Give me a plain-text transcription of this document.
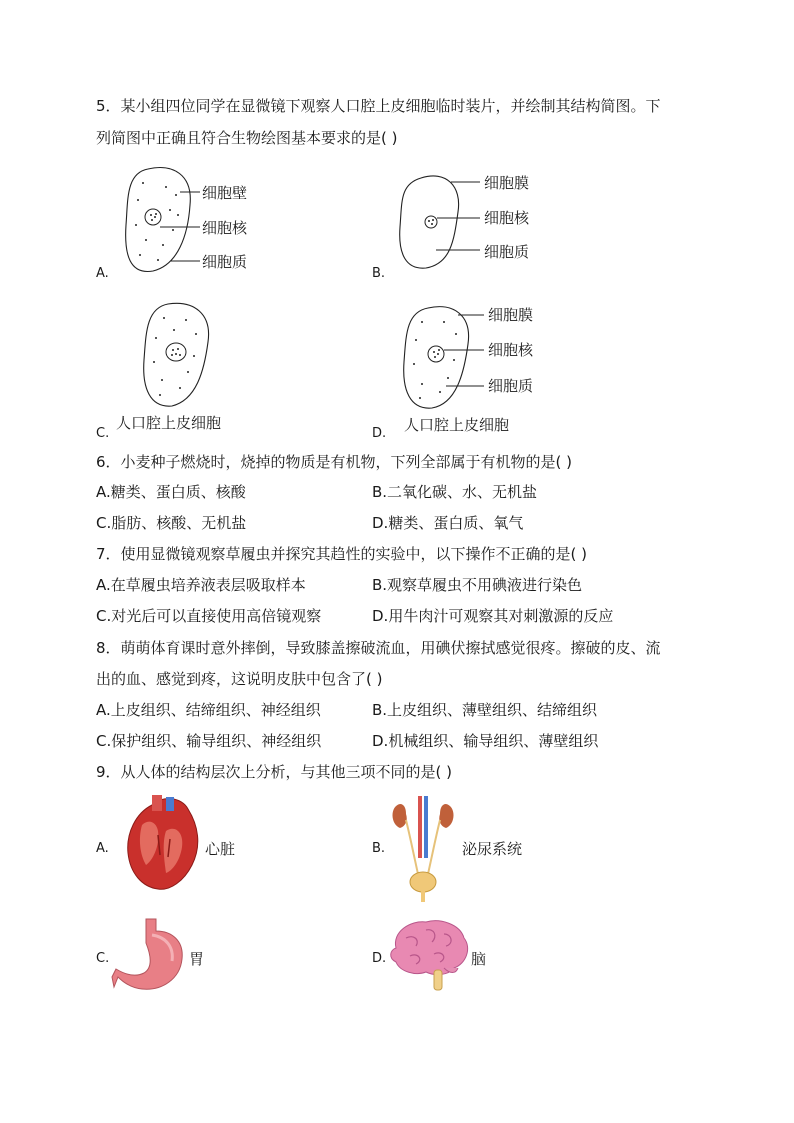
5．某小组四位同学在显微镜下观察人口腔上皮细胞临时装片，并绘制其结构简图。下
列简图中正确且符合生物绘图基本要求的是( )
A.
细胞壁
细胞核
细胞质
B.
细胞膜
细胞核
细胞质
C.
人口腔上皮细胞
D.
细胞膜
细胞核
细胞质
人口腔上皮细胞
6．小麦种子燃烧时，烧掉的物质是有机物，下列全部属于有机物的是( )
A.糖类、蛋白质、核酸	B.二氧化碳、水、无机盐
C.脂肪、核酸、无机盐	D.糖类、蛋白质、氧气
7．使用显微镜观察草履虫并探究其趋性的实验中，以下操作不正确的是( )
A.在草履虫培养液表层吸取样本	B.观察草履虫不用碘液进行染色
C.对光后可以直接使用高倍镜观察	D.用牛肉汁可观察其对刺激源的反应
8．萌萌体育课时意外摔倒，导致膝盖擦破流血，用碘伏擦拭感觉很疼。擦破的皮、流
出的血、感觉到疼，这说明皮肤中包含了( )
A.上皮组织、结缔组织、神经组织	B.上皮组织、薄壁组织、结缔组织
C.保护组织、输导组织、神经组织	D.机械组织、输导组织、薄壁组织
9．从人体的结构层次上分析，与其他三项不同的是( )
A.	心脏	B.	泌尿系统
C.	胃	D.	脑
